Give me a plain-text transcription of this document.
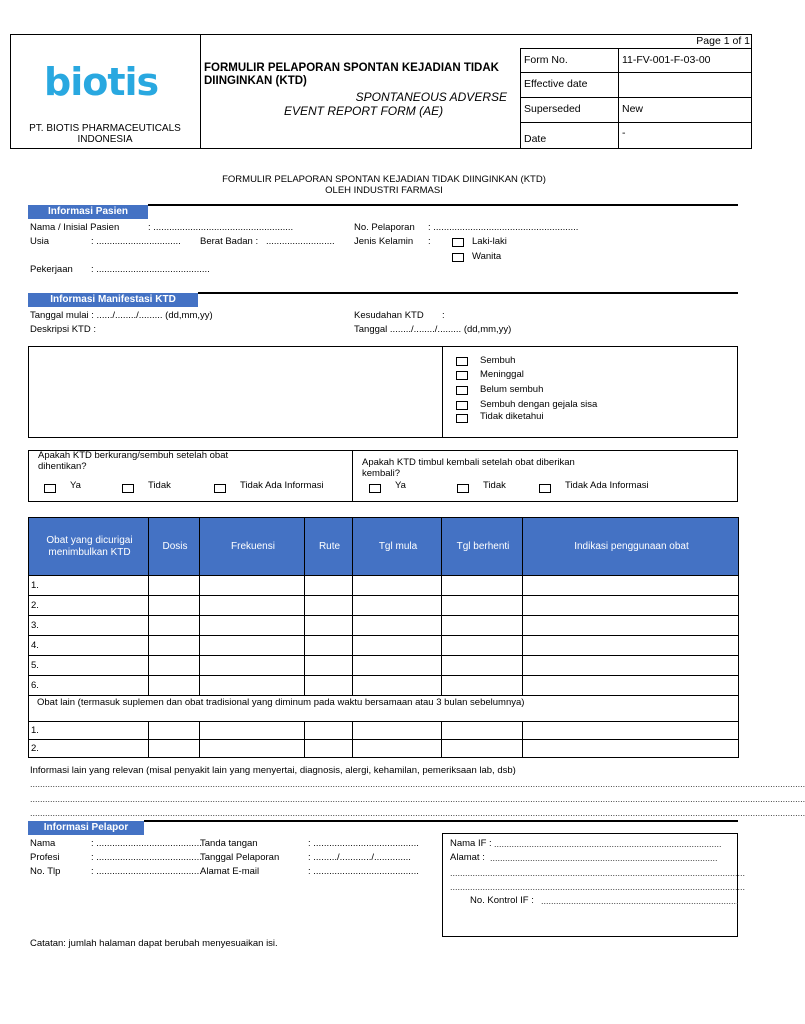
biotis
PT. BIOTIS PHARMACEUTICALS INDONESIA
FORMULIR PELAPORAN SPONTAN KEJADIAN TIDAK DIINGINKAN (KTD)
SPONTANEOUS ADVERSE
EVENT REPORT FORM (AE)
Page 1 of 1
Form No.	11-FV-001-F-03-00
Effective date
Superseded	New
Date	-
FORMULIR PELAPORAN SPONTAN KEJADIAN TIDAK DIINGINKAN (KTD)
OLEH INDUSTRI FARMASI
Informasi Pasien
Nama / Inisial Pasien	: .....................................................
Usia	: ................................ Berat Badan : ..........................
Pekerjaan : ...........................................
No. Pelaporan : .......................................................
Jenis Kelamin :	Laki-laki
Wanita
Informasi Manifestasi KTD
Tanggal mulai : ....../......../......... (dd,mm,yy)
Deskripsi KTD :
Kesudahan KTD :
Tanggal ......../......../......... (dd,mm,yy)
Sembuh
Meninggal
Belum sembuh
Sembuh dengan gejala sisa
Tidak diketahui
Apakah KTD berkurang/sembuh setelah obat dihentikan?
Ya	Tidak	Tidak Ada Informasi
Apakah KTD timbul kembali setelah obat diberikan kembali?
Ya	Tidak	Tidak Ada Informasi
Obat yang dicurigai menimbulkan KTD	Dosis	Frekuensi	Rute	Tgl mula	Tgl berhenti	Indikasi penggunaan obat
1.						
2.						
3.						
4.						
5.						
6.						
Obat lain (termasuk suplemen dan obat tradisional yang diminum pada waktu bersamaan atau 3 bulan sebelumnya)						
1.						
2.						
Informasi lain yang relevan (misal penyakit lain yang menyertai, diagnosis, alergi, kehamilan, pemeriksaan lab, dsb)
......................................................................................................................................................................................................................................................................................................................
......................................................................................................................................................................................................................................................................................................................
......................................................................................................................................................................................................................................................................................................................
Informasi Pelapor
Nama	: ........................................
Profesi	: ........................................
No. Tlp	: ........................................
Tanda tangan	: ........................................
Tanggal Pelaporan	: ........./............/..............
Alamat E-mail	: ........................................
Nama IF : ...........................................................................................
Alamat : ...........................................................................................
......................................................................................................................
......................................................................................................................
No. Kontrol IF : ...............................................................................
Catatan: jumlah halaman dapat berubah menyesuaikan isi.
